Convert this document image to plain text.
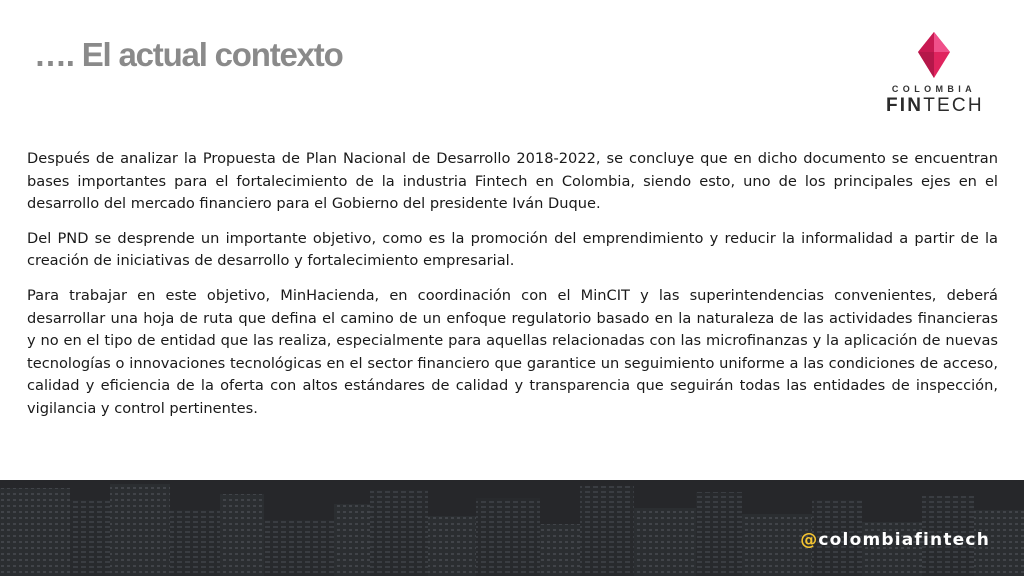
…. El actual contexto
COLOMBIA
FINTECH

Después de analizar la Propuesta de Plan Nacional de Desarrollo 2018-2022, se concluye que en dicho documento se encuentran bases importantes para el fortalecimiento de la industria Fintech en Colombia, siendo esto, uno de los principales ejes en el desarrollo del mercado financiero para el Gobierno del presidente Iván Duque.

Del PND se desprende un importante objetivo, como es la promoción del emprendimiento y reducir la informalidad a partir de la creación de iniciativas de desarrollo y fortalecimiento empresarial.

Para trabajar en este objetivo, MinHacienda, en coordinación con el MinCIT y las superintendencias convenientes, deberá desarrollar una hoja de ruta que defina el camino de un enfoque regulatorio basado en la naturaleza de las actividades financieras y no en el tipo de entidad que las realiza, especialmente para aquellas relacionadas con las microfinanzas y la aplicación de nuevas tecnologías o innovaciones tecnológicas en el sector financiero que garantice un seguimiento uniforme a las condiciones de acceso, calidad y eficiencia de la oferta con altos estándares de calidad y transparencia que seguirán todas las entidades de inspección, vigilancia y control pertinentes.

@colombiafintech
